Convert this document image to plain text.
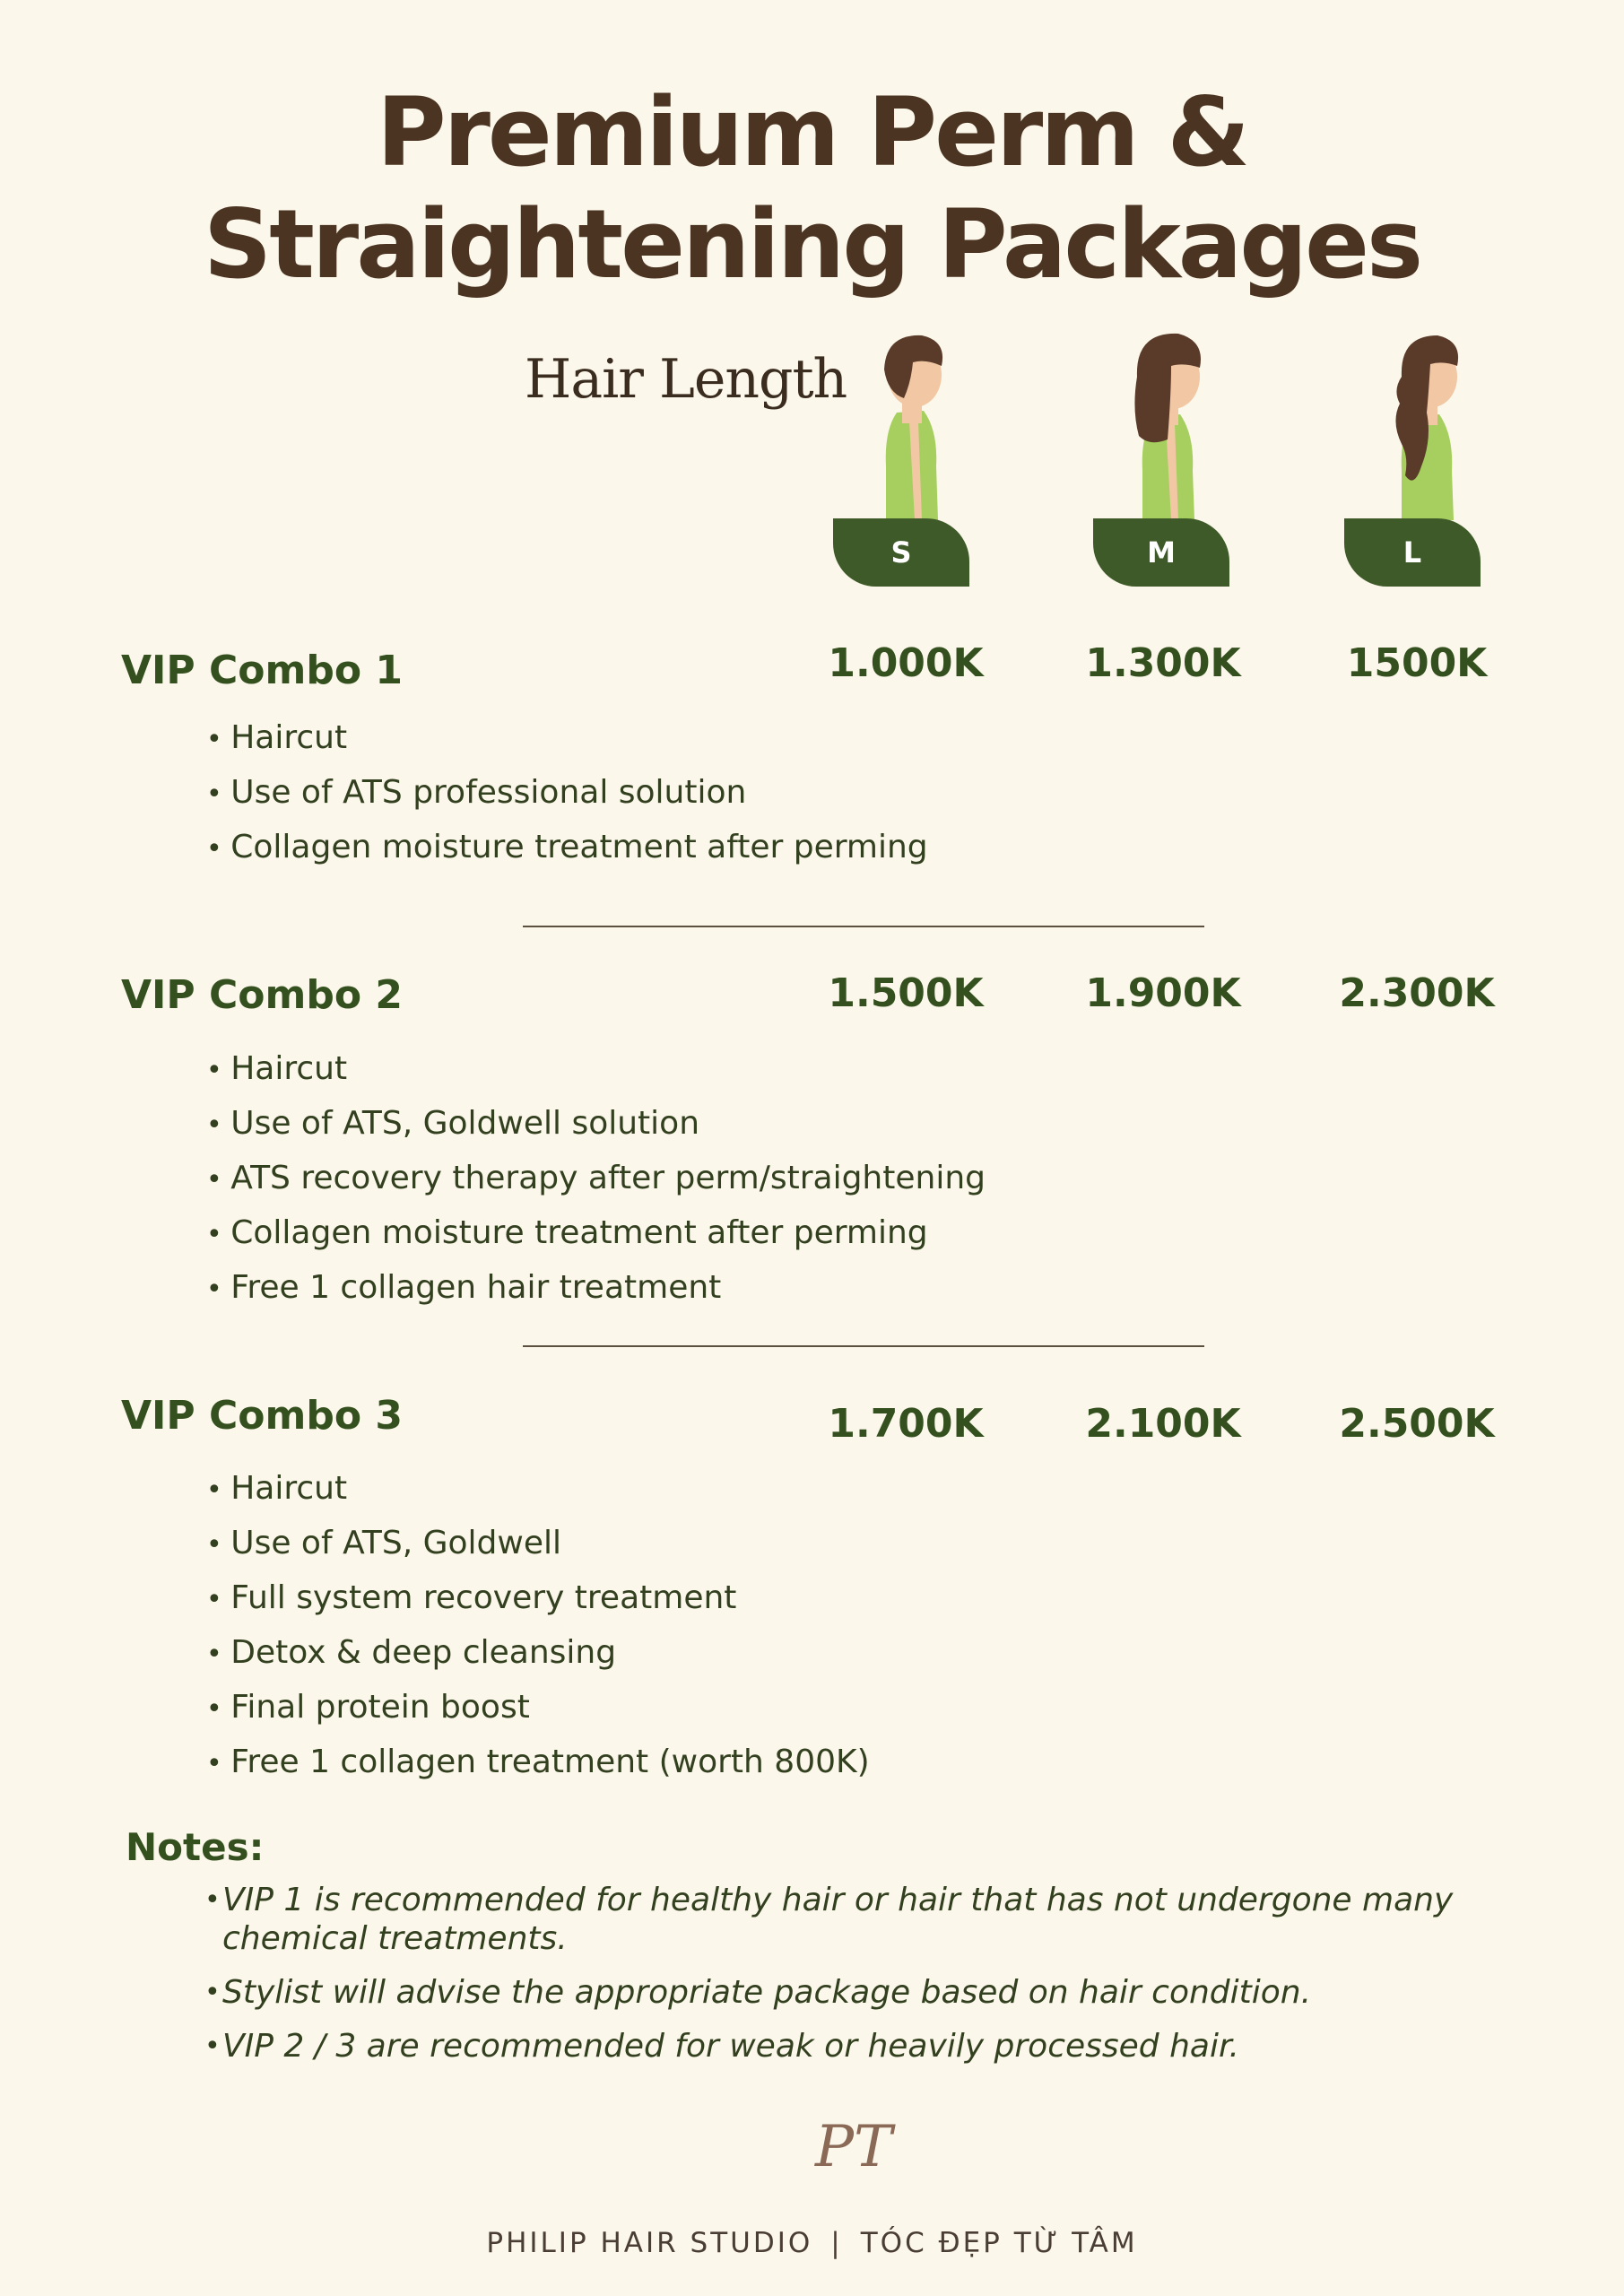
Premium Perm &
Straightening Packages
Hair Length
S	M	L
VIP Combo 1	1.000K	1.300K	1500K
• Haircut
• Use of ATS professional solution
• Collagen moisture treatment after perming
VIP Combo 2	1.500K	1.900K	2.300K
• Haircut
• Use of ATS, Goldwell solution
• ATS recovery therapy after perm/straightening
• Collagen moisture treatment after perming
• Free 1 collagen hair treatment
VIP Combo 3	1.700K	2.100K	2.500K
• Haircut
• Use of ATS, Goldwell
• Full system recovery treatment
• Detox & deep cleansing
• Final protein boost
• Free 1 collagen treatment (worth 800K)
Notes:
• VIP 1 is recommended for healthy hair or hair that has not undergone many chemical treatments.
• Stylist will advise the appropriate package based on hair condition.
• VIP 2 / 3 are recommended for weak or heavily processed hair.
PT
PHILIP HAIR STUDIO | TÓC ĐẸP TỪ TÂM
